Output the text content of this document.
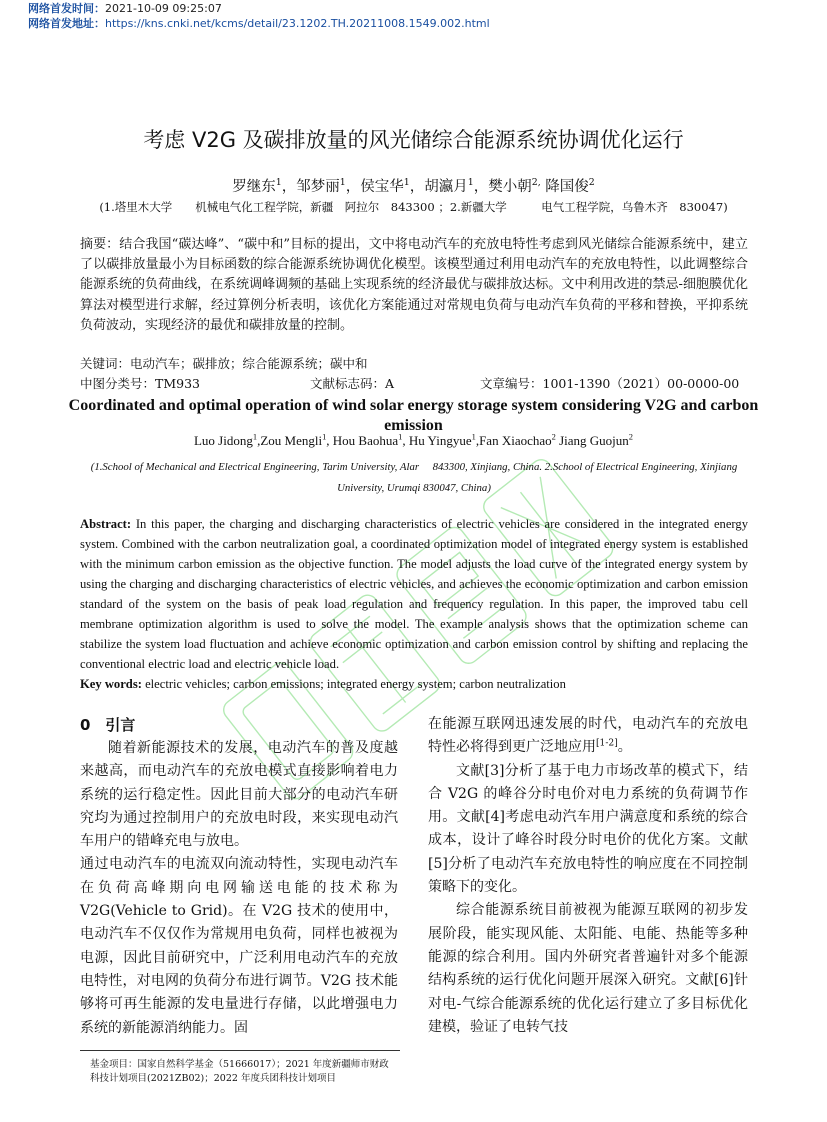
网络首发时间：2021-10-09 09:25:07
网络首发地址：https://kns.cnki.net/kcms/detail/23.1202.TH.20211008.1549.002.html
考虑 V2G 及碳排放量的风光储综合能源系统协调优化运行
罗继东$^1$，邹梦丽$^1$，侯宝华$^1$，胡瀛月$^1$，樊小朝$^{2,}$ 降国俊$^2$
(1.塔里木大学　　机械电气化工程学院，新疆　阿拉尔　843300 ；2.新疆大学　　　电气工程学院，乌鲁木齐　830047)
摘要：结合我国“碳达峰”、“碳中和”目标的提出，文中将电动汽车的充放电特性考虑到风光储综合能源系统中，建立了以碳排放量最小为目标函数的综合能源系统协调优化模型。该模型通过利用电动汽车的充放电特性，以此调整综合能源系统的负荷曲线，在系统调峰调频的基础上实现系统的经济最优与碳排放达标。文中利用改进的禁忌-细胞膜优化算法对模型进行求解，经过算例分析表明，该优化方案能通过对常规电负荷与电动汽车负荷的平移和替换，平抑系统负荷波动，实现经济的最优和碳排放量的控制。
关键词：电动汽车；碳排放；综合能源系统；碳中和
中图分类号：TM933	文献标志码：A	文章编号：1001-1390（2021）00-0000-00
Coordinated and optimal operation of wind solar energy storage system considering V2G and carbon emission
Luo Jidong$^1$,Zou Mengli$^1$, Hou Baohua$^1$, Hu Yingyue$^1$,Fan Xiaochao$^2$ Jiang Guojun$^2$
(1.School of Mechanical and Electrical Engineering, Tarim University, Alar　 843300, Xinjiang, China. 2.School of Electrical Engineering, Xinjiang University, Urumqi 830047, China)
Abstract: In this paper, the charging and discharging characteristics of electric vehicles are considered in the integrated energy system. Combined with the carbon neutralization goal, a coordinated optimization model of integrated energy system is established with the minimum carbon emission as the objective function. The model adjusts the load curve of the integrated energy system by using the charging and discharging characteristics of electric vehicles, and achieves the economic optimization and carbon emission standard of the system on the basis of peak load regulation and frequency regulation. In this paper, the improved tabu cell membrane optimization algorithm is used to solve the model. The example analysis shows that the optimization scheme can stabilize the system load fluctuation and achieve economic optimization and carbon emission control by shifting and replacing the conventional electric load and electric vehicle load.
Key words: electric vehicles; carbon emissions; integrated energy system; carbon neutralization
0　引言

随着新能源技术的发展，电动汽车的普及度越来越高，而电动汽车的充放电模式直接影响着电力系统的运行稳定性。因此目前大部分的电动汽车研究均为通过控制用户的充放电时段，来实现电动汽车用户的错峰充电与放电。

通过电动汽车的电流双向流动特性，实现电动汽车在负荷高峰期向电网输送电能的技术称为V2G(Vehicle to Grid)。在 V2G 技术的使用中，电动汽车不仅仅作为常规用电负荷，同样也被视为电源，因此目前研究中，广泛利用电动汽车的充放电特性，对电网的负荷分布进行调节。V2G 技术能够将可再生能源的发电量进行存储，以此增强电力系统的新能源消纳能力。固

在能源互联网迅速发展的时代，电动汽车的充放电特性必将得到更广泛地应用[1-2]。

文献[3]分析了基于电力市场改革的模式下，结合 V2G 的峰谷分时电价对电力系统的负荷调节作用。文献[4]考虑电动汽车用户满意度和系统的综合成本，设计了峰谷时段分时电价的优化方案。文献[5]分析了电动汽车充放电特性的响应度在不同控制策略下的变化。

综合能源系统目前被视为能源互联网的初步发展阶段，能实现风能、太阳能、电能、热能等多种能源的综合利用。国内外研究者普遍针对多个能源结构系统的运行优化问题开展深入研究。文献[6]针对电-气综合能源系统的优化运行建立了多目标优化建模，验证了电转气技

基金项目：国家自然科学基金（51666017）；2021 年度新疆师市财政科技计划项目(2021ZB02)；2022 年度兵团科技计划项目
